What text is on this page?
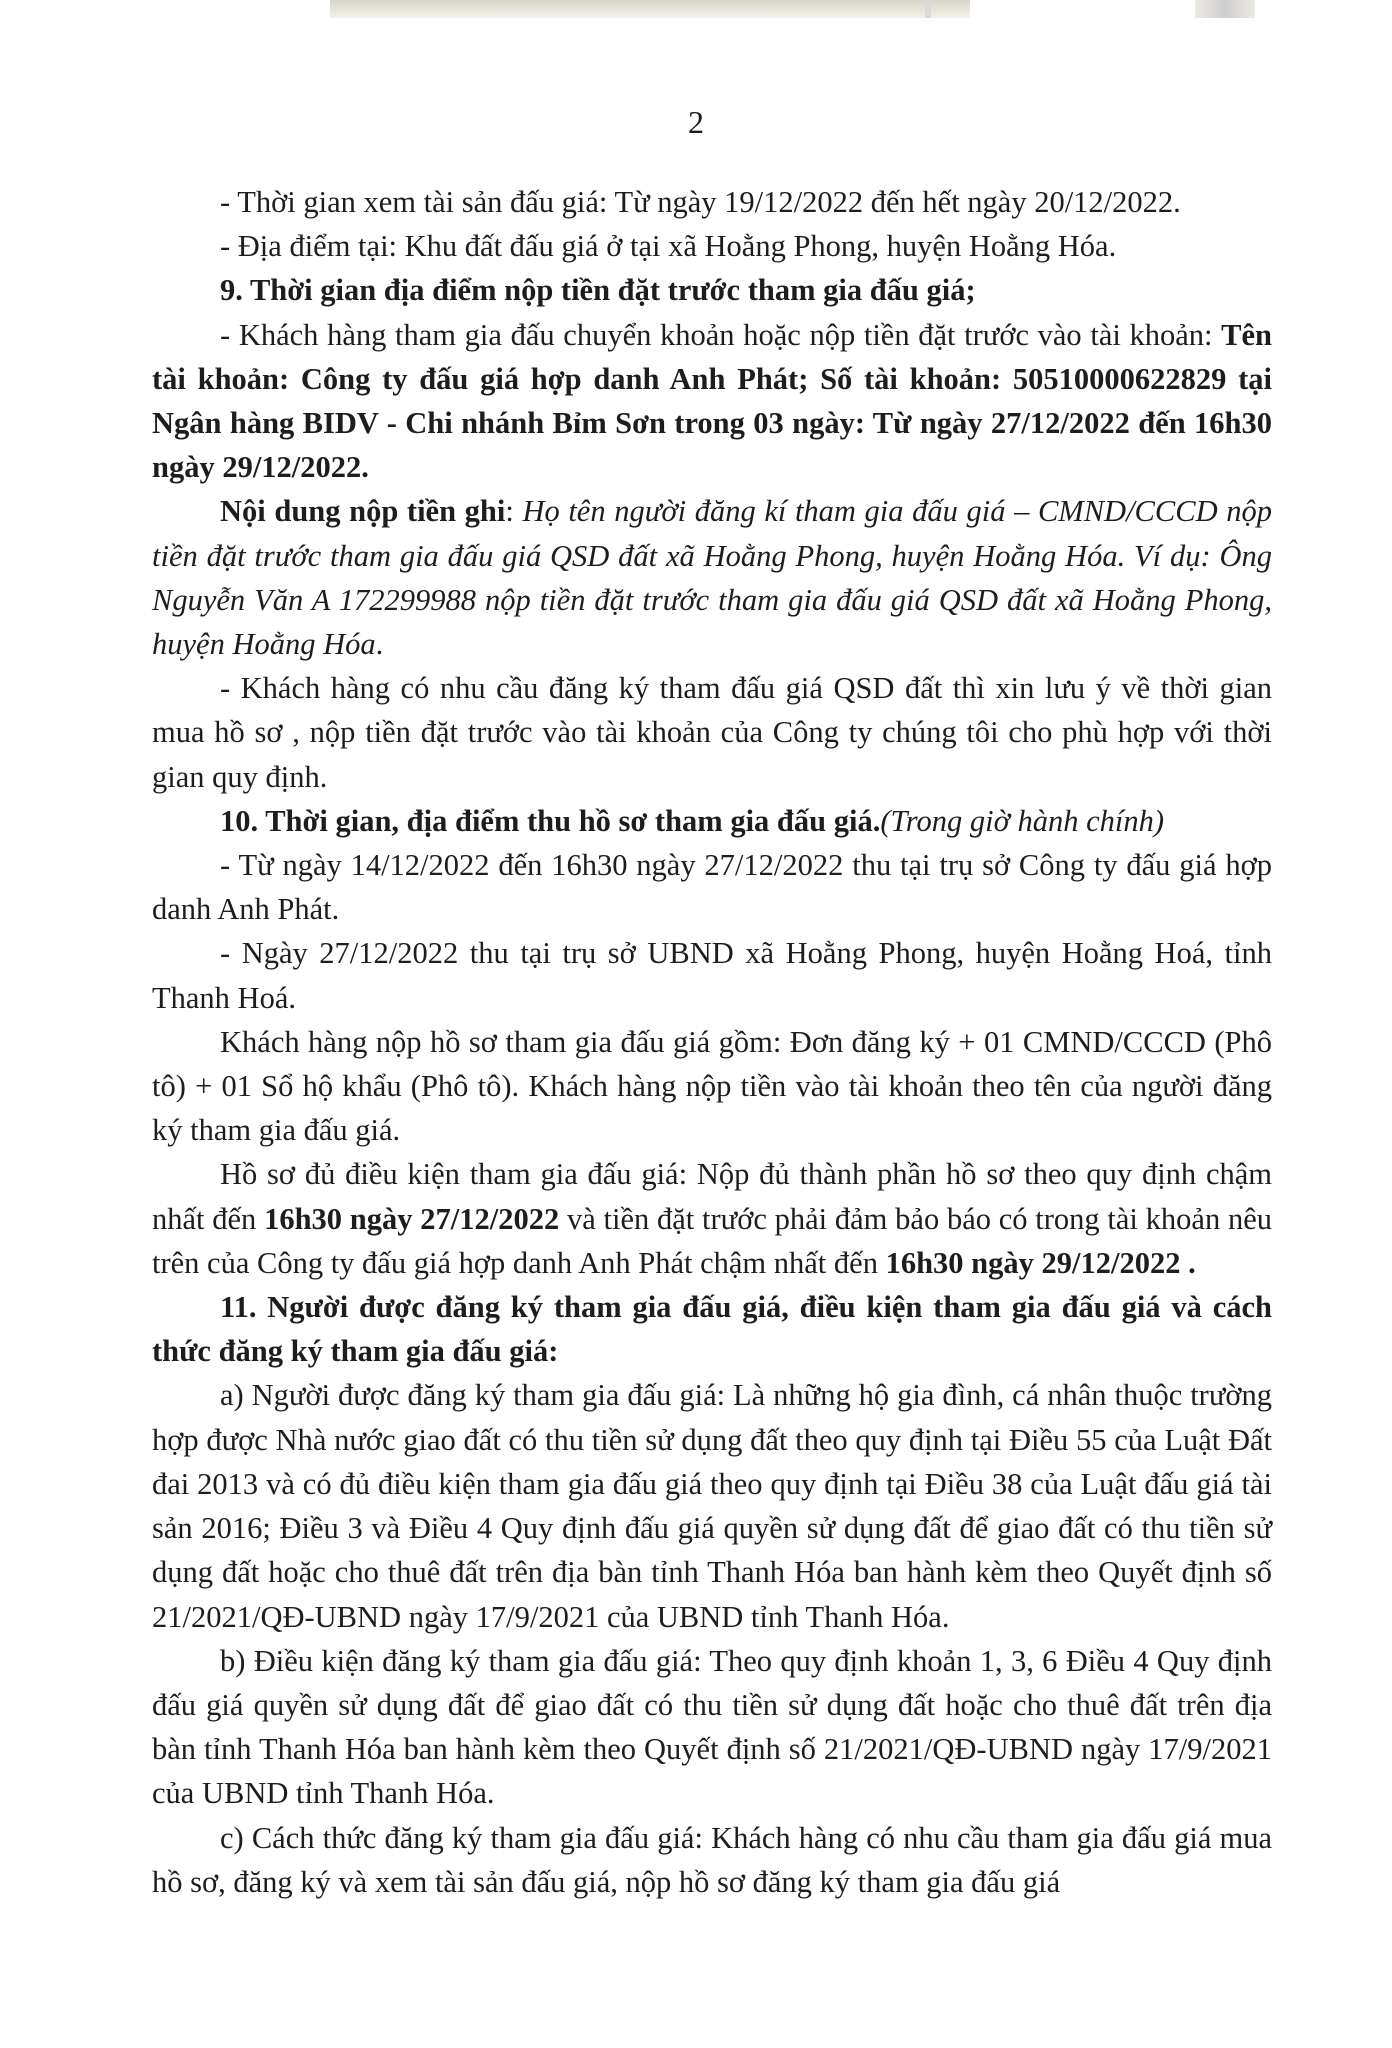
2

- Thời gian xem tài sản đấu giá: Từ ngày 19/12/2022 đến hết ngày 20/12/2022.

- Địa điểm tại: Khu đất đấu giá ở tại xã Hoằng Phong, huyện Hoằng Hóa.

9. Thời gian địa điểm nộp tiền đặt trước tham gia đấu giá;

- Khách hàng tham gia đấu chuyển khoản hoặc nộp tiền đặt trước vào tài khoản: Tên tài khoản: Công ty đấu giá hợp danh Anh Phát; Số tài khoản: 50510000622829 tại Ngân hàng BIDV - Chi nhánh Bỉm Sơn trong 03 ngày: Từ ngày 27/12/2022 đến 16h30 ngày 29/12/2022.

Nội dung nộp tiền ghi: Họ tên người đăng kí tham gia đấu giá – CMND/CCCD nộp tiền đặt trước tham gia đấu giá QSD đất xã Hoằng Phong, huyện Hoằng Hóa. Ví dụ: Ông Nguyễn Văn A 172299988 nộp tiền đặt trước tham gia đấu giá QSD đất xã Hoằng Phong, huyện Hoằng Hóa.

- Khách hàng có nhu cầu đăng ký tham đấu giá QSD đất thì xin lưu ý về thời gian mua hồ sơ , nộp tiền đặt trước vào tài khoản của Công ty chúng tôi cho phù hợp với thời gian quy định.

10. Thời gian, địa điểm thu hồ sơ tham gia đấu giá.(Trong giờ hành chính)

- Từ ngày 14/12/2022 đến 16h30 ngày 27/12/2022 thu tại trụ sở Công ty đấu giá hợp danh Anh Phát.

- Ngày 27/12/2022 thu tại trụ sở UBND xã Hoằng Phong, huyện Hoằng Hoá, tỉnh Thanh Hoá.

Khách hàng nộp hồ sơ tham gia đấu giá gồm: Đơn đăng ký + 01 CMND/CCCD (Phô tô) + 01 Sổ hộ khẩu (Phô tô). Khách hàng nộp tiền vào tài khoản theo tên của người đăng ký tham gia đấu giá.

Hồ sơ đủ điều kiện tham gia đấu giá: Nộp đủ thành phần hồ sơ theo quy định chậm nhất đến 16h30 ngày 27/12/2022 và tiền đặt trước phải đảm bảo báo có trong tài khoản nêu trên của Công ty đấu giá hợp danh Anh Phát chậm nhất đến 16h30 ngày 29/12/2022 .

11. Người được đăng ký tham gia đấu giá, điều kiện tham gia đấu giá và cách thức đăng ký tham gia đấu giá:

a) Người được đăng ký tham gia đấu giá: Là những hộ gia đình, cá nhân thuộc trường hợp được Nhà nước giao đất có thu tiền sử dụng đất theo quy định tại Điều 55 của Luật Đất đai 2013 và có đủ điều kiện tham gia đấu giá theo quy định tại Điều 38 của Luật đấu giá tài sản 2016; Điều 3 và Điều 4 Quy định đấu giá quyền sử dụng đất để giao đất có thu tiền sử dụng đất hoặc cho thuê đất trên địa bàn tỉnh Thanh Hóa ban hành kèm theo Quyết định số 21/2021/QĐ-UBND ngày 17/9/2021 của UBND tỉnh Thanh Hóa.

b) Điều kiện đăng ký tham gia đấu giá: Theo quy định khoản 1, 3, 6 Điều 4 Quy định đấu giá quyền sử dụng đất để giao đất có thu tiền sử dụng đất hoặc cho thuê đất trên địa bàn tỉnh Thanh Hóa ban hành kèm theo Quyết định số 21/2021/QĐ-UBND ngày 17/9/2021 của UBND tỉnh Thanh Hóa.

c) Cách thức đăng ký tham gia đấu giá: Khách hàng có nhu cầu tham gia đấu giá mua hồ sơ, đăng ký và xem tài sản đấu giá, nộp hồ sơ đăng ký tham gia đấu giá
